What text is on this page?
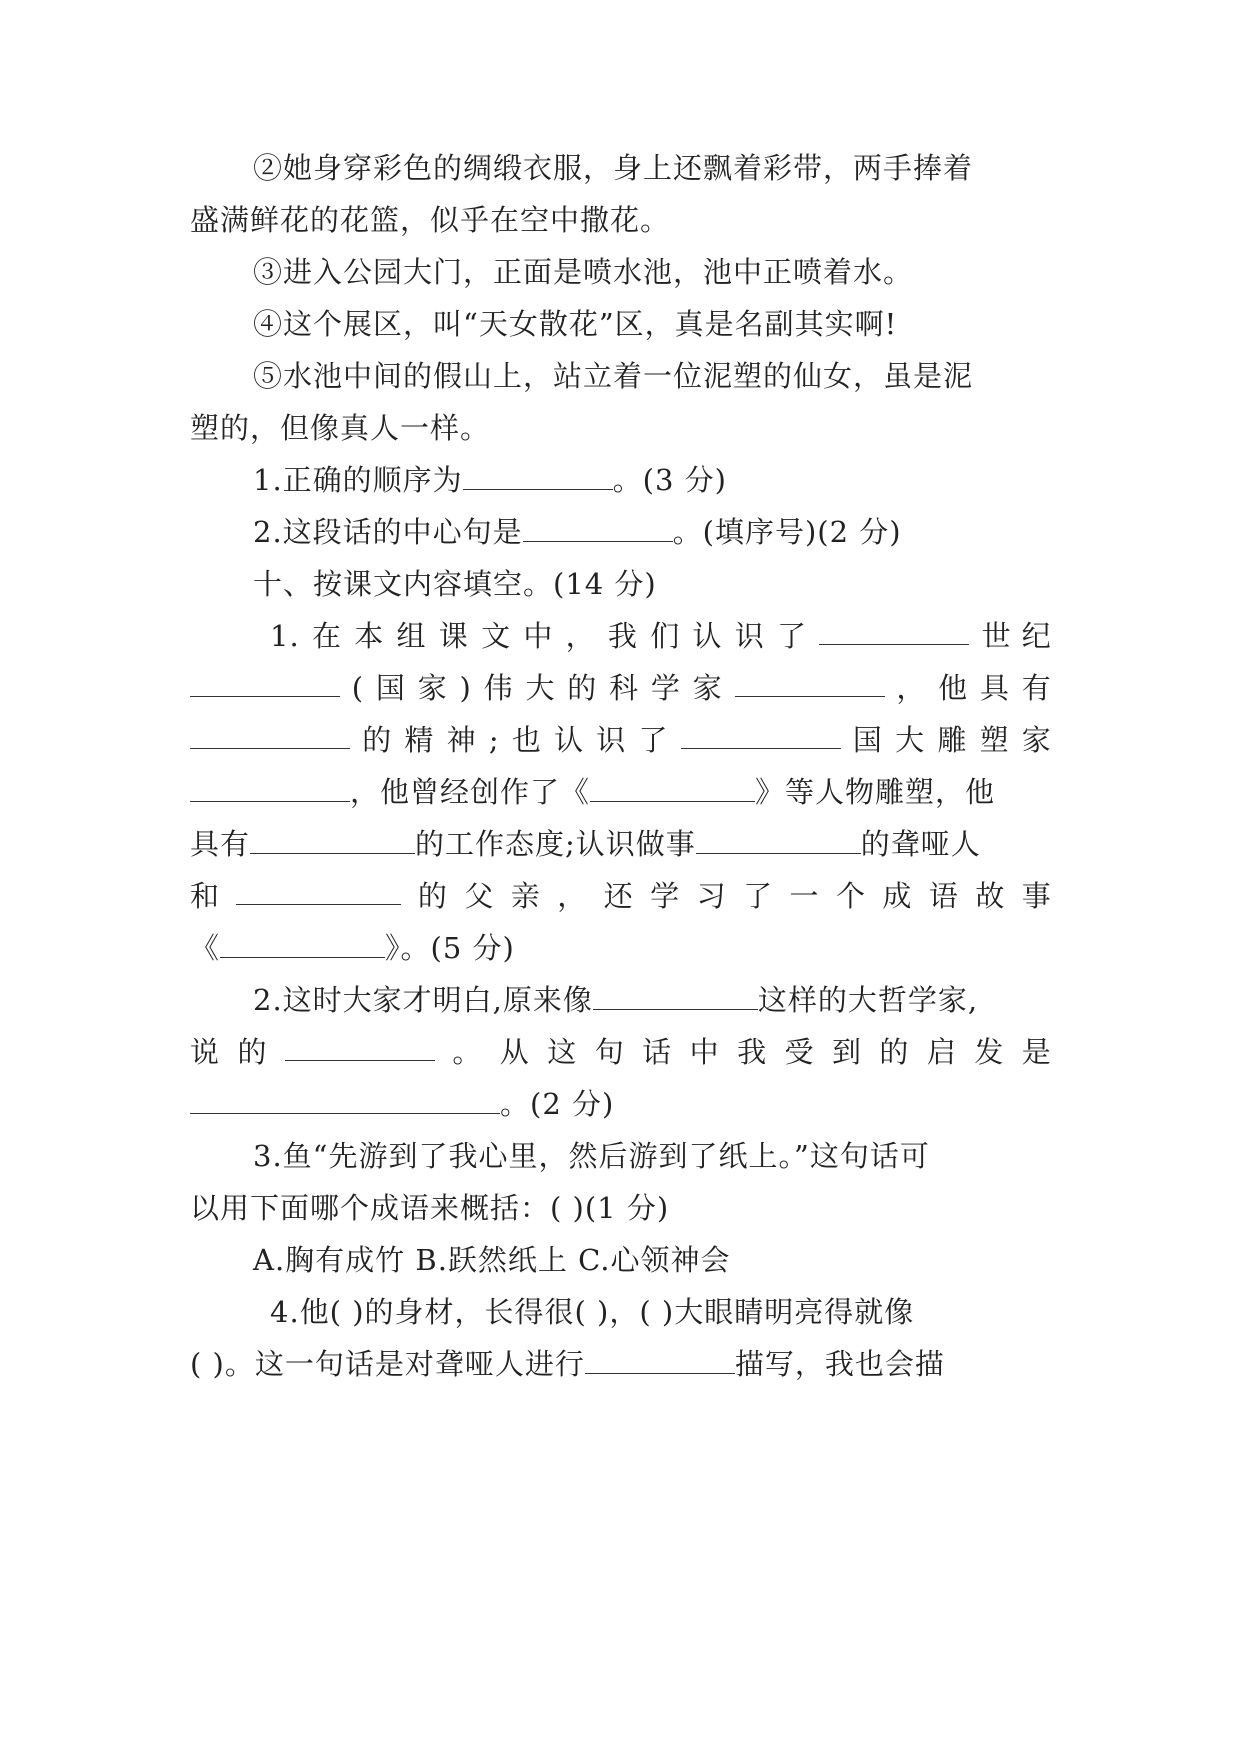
②她身穿彩色的绸缎衣服，身上还飘着彩带，两手捧着
盛满鲜花的花篮，似乎在空中撒花。
③进入公园大门，正面是喷水池，池中正喷着水。
④这个展区，叫“天女散花”区，真是名副其实啊!
⑤水池中间的假山上，站立着一位泥塑的仙女，虽是泥
塑的，但像真人一样。
1.正确的顺序为	。(3 分)
2.这段话的中心句是	。(填序号)(2 分)
十、按课文内容填空。(14 分)
1. 在 本 组 课 文 中 ， 我 们 认 识 了	世 纪
( 国 家 ) 伟 大 的 科 学 家	， 他 具 有
的 精 神 ; 也 认 识 了	国 大 雕 塑 家
，他曾经创作了《	》等人物雕塑，他
具有	的工作态度;认识做事	的聋哑人
和	的 父 亲 ， 还 学 习 了 一 个 成 语 故 事
《	》。(5 分)
2.这时大家才明白,原来像	这样的大哲学家,
说 的	。 从 这 句 话 中 我 受 到 的 启 发 是
。(2 分)
3.鱼“先游到了我心里，然后游到了纸上。”这句话可
以用下面哪个成语来概括：( )(1 分)
A.胸有成竹 B.跃然纸上 C.心领神会
4.他( )的身材，长得很( )，( )大眼睛明亮得就像
( )。这一句话是对聋哑人进行	描写，我也会描
